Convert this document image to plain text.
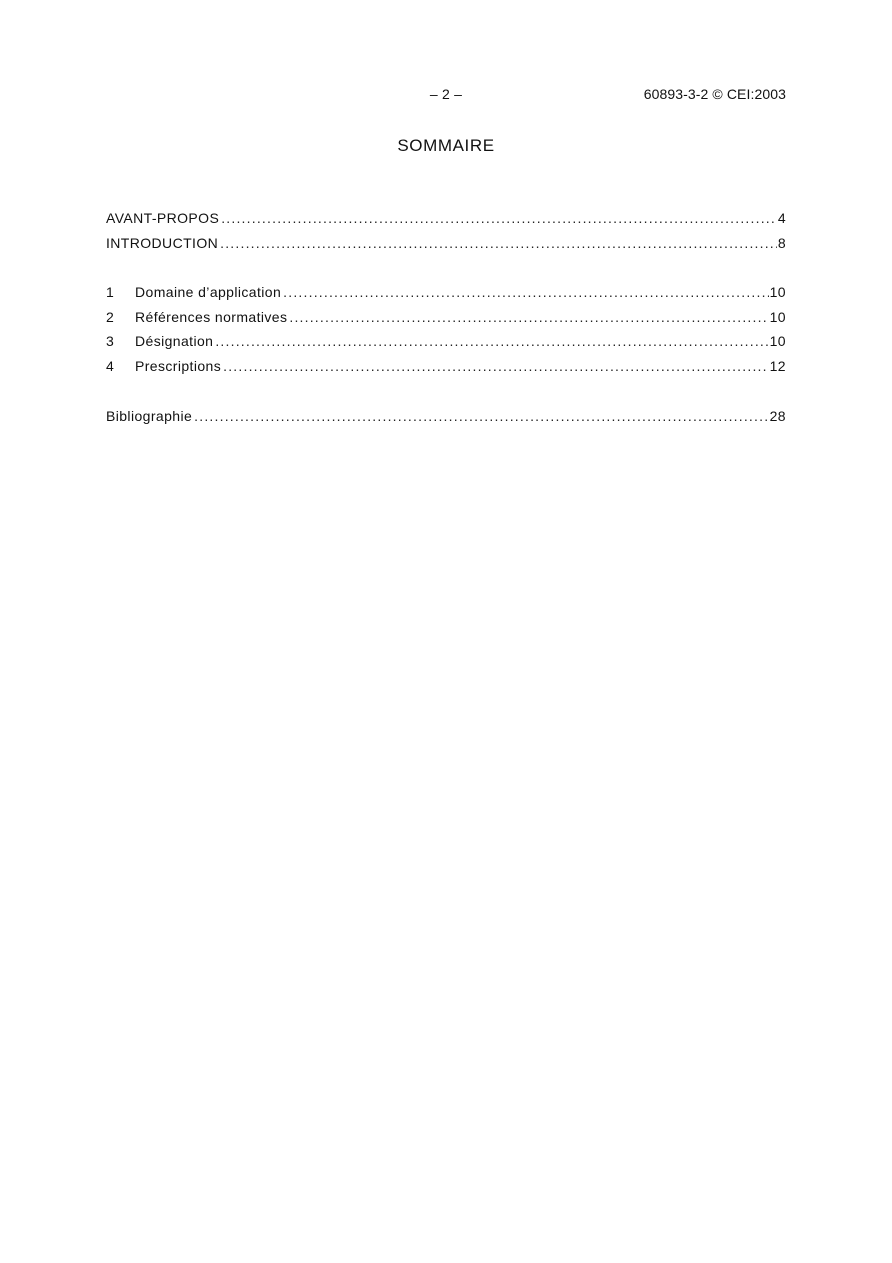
– 2 –	60893-3-2 © CEI:2003
SOMMAIRE
AVANT-PROPOS .....	4
INTRODUCTION .....	8
1	Domaine d’application .....	10
2	Références normatives .....	10
3	Désignation .....	10
4	Prescriptions .....	12
Bibliographie .....	28
